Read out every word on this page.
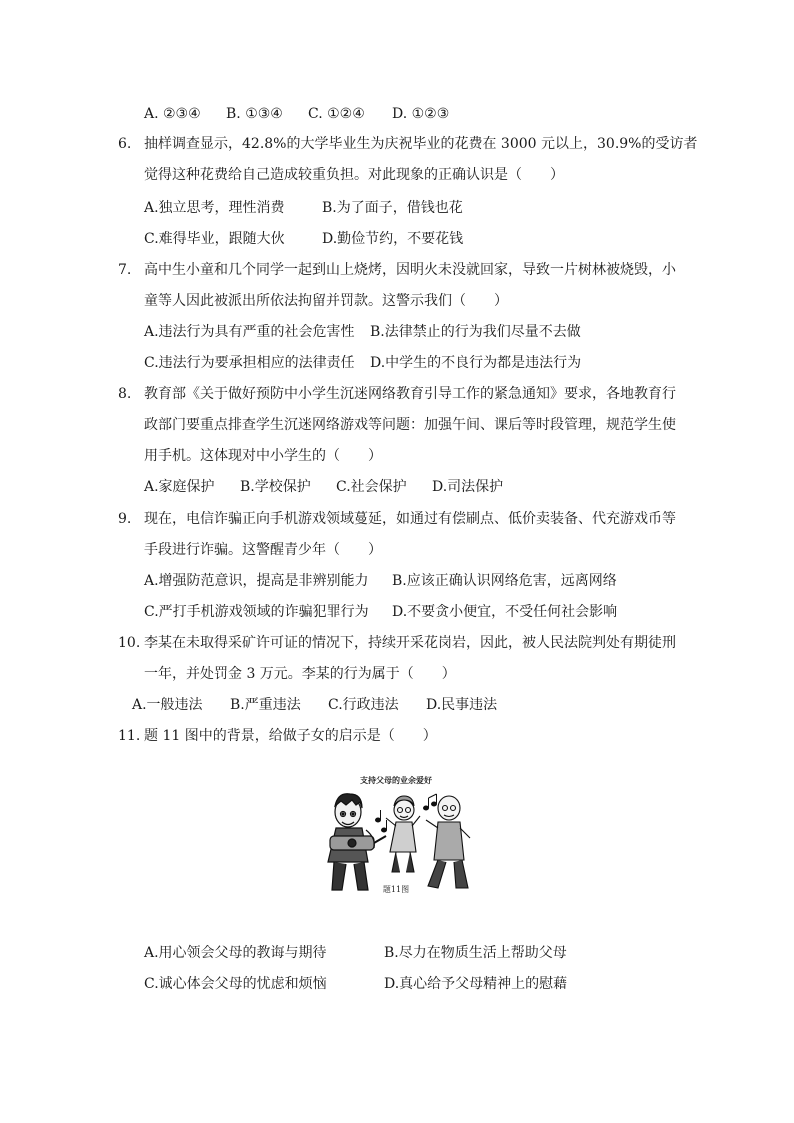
A. ②③④ B. ①③④ C. ①②④ D. ①②③
6. 抽样调查显示，42.8%的大学毕业生为庆祝毕业的花费在 3000 元以上，30.9%的受访者
觉得这种花费给自己造成较重负担。对此现象的正确认识是（　　）
A.独立思考，理性消费	B.为了面子，借钱也花
C.难得毕业，跟随大伙	D.勤俭节约，不要花钱
7. 高中生小童和几个同学一起到山上烧烤，因明火未没就回家，导致一片树林被烧毁，小
童等人因此被派出所依法拘留并罚款。这警示我们（　　）
A.违法行为具有严重的社会危害性 B.法律禁止的行为我们尽量不去做
C.违法行为要承担相应的法律责任 D.中学生的不良行为都是违法行为
8. 教育部《关于做好预防中小学生沉迷网络教育引导工作的紧急通知》要求，各地教育行
政部门要重点排查学生沉迷网络游戏等问题：加强午间、课后等时段管理，规范学生使
用手机。这体现对中小学生的（　　）
A.家庭保护 B.学校保护 C.社会保护 D.司法保护
9. 现在，电信诈骗正向手机游戏领域蔓延，如通过有偿刷点、低价卖装备、代充游戏币等
手段进行诈骗。这警醒青少年（　　）
A.增强防范意识，提高是非辨别能力 B.应该正确认识网络危害，远离网络
C.严打手机游戏领域的诈骗犯罪行为 D.不要贪小便宜，不受任何社会影响
10. 李某在未取得采矿许可证的情况下，持续开采花岗岩，因此，被人民法院判处有期徒刑
一年，并处罚金 3 万元。李某的行为属于（　　）
A.一般违法 B.严重违法 C.行政违法 D.民事违法
11. 题 11 图中的背景，给做子女的启示是（　　）
支持父母的业余爱好
题11图
A.用心领会父母的教诲与期待	B.尽力在物质生活上帮助父母
C.诚心体会父母的忧虑和烦恼	D.真心给予父母精神上的慰藉
